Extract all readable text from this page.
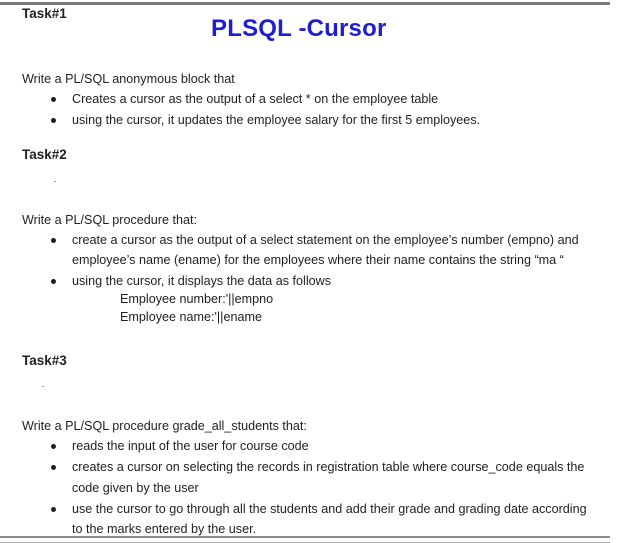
Task#1
PLSQL -Cursor
Write a PL/SQL anonymous block that
Creates a cursor as the output of a select * on the employee table
using the cursor, it updates the employee salary for the first 5 employees.
Task#2
Write a PL/SQL procedure that:
create a cursor as the output of a select statement on the employee’s number (empno) and
employee’s name (ename) for the employees where their name contains the string “ma “
using the cursor, it displays the data as follows
Employee number:'||empno
Employee name:'||ename
Task#3
Write a PL/SQL procedure grade_all_students that:
reads the input of the user for course code
creates a cursor on selecting the records in registration table where course_code equals the
code given by the user
use the cursor to go through all the students and add their grade and grading date according
to the marks entered by the user.
